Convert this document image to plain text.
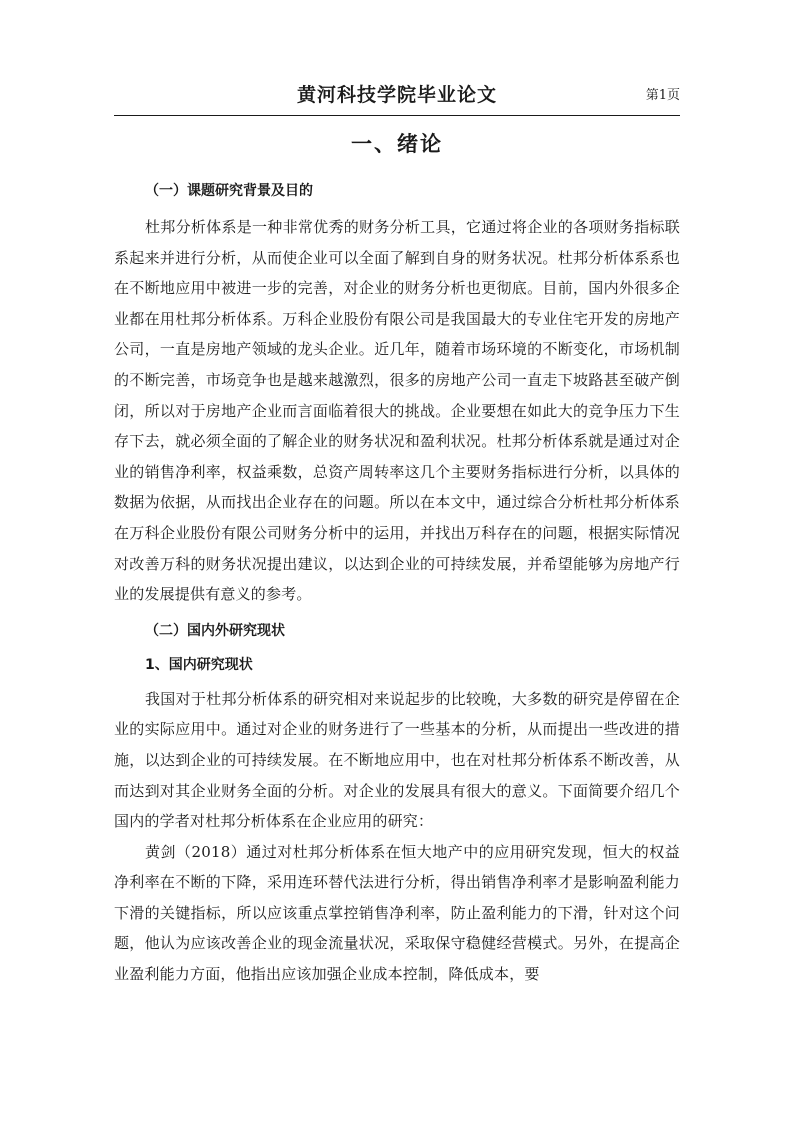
黄河科技学院毕业论文	第1页
一、绪论
（一）课题研究背景及目的

杜邦分析体系是一种非常优秀的财务分析工具，它通过将企业的各项财务指标联系起来并进行分析，从而使企业可以全面了解到自身的财务状况。杜邦分析体系系也在不断地应用中被进一步的完善，对企业的财务分析也更彻底。目前，国内外很多企业都在用杜邦分析体系。万科企业股份有限公司是我国最大的专业住宅开发的房地产公司，一直是房地产领域的龙头企业。近几年，随着市场环境的不断变化，市场机制的不断完善，市场竞争也是越来越激烈，很多的房地产公司一直走下坡路甚至破产倒闭，所以对于房地产企业而言面临着很大的挑战。企业要想在如此大的竞争压力下生存下去，就必须全面的了解企业的财务状况和盈利状况。杜邦分析体系就是通过对企业的销售净利率，权益乘数，总资产周转率这几个主要财务指标进行分析，以具体的数据为依据，从而找出企业存在的问题。所以在本文中，通过综合分析杜邦分析体系在万科企业股份有限公司财务分析中的运用，并找出万科存在的问题，根据实际情况对改善万科的财务状况提出建议，以达到企业的可持续发展，并希望能够为房地产行业的发展提供有意义的参考。

（二）国内外研究现状
1、国内研究现状

我国对于杜邦分析体系的研究相对来说起步的比较晚，大多数的研究是停留在企业的实际应用中。通过对企业的财务进行了一些基本的分析，从而提出一些改进的措施，以达到企业的可持续发展。在不断地应用中，也在对杜邦分析体系不断改善，从而达到对其企业财务全面的分析。对企业的发展具有很大的意义。下面简要介绍几个国内的学者对杜邦分析体系在企业应用的研究：

黄剑（2018）通过对杜邦分析体系在恒大地产中的应用研究发现，恒大的权益净利率在不断的下降，采用连环替代法进行分析，得出销售净利率才是影响盈利能力下滑的关键指标，所以应该重点掌控销售净利率，防止盈利能力的下滑，针对这个问题，他认为应该改善企业的现金流量状况，采取保守稳健经营模式。另外，在提高企业盈利能力方面，他指出应该加强企业成本控制，降低成本，要
